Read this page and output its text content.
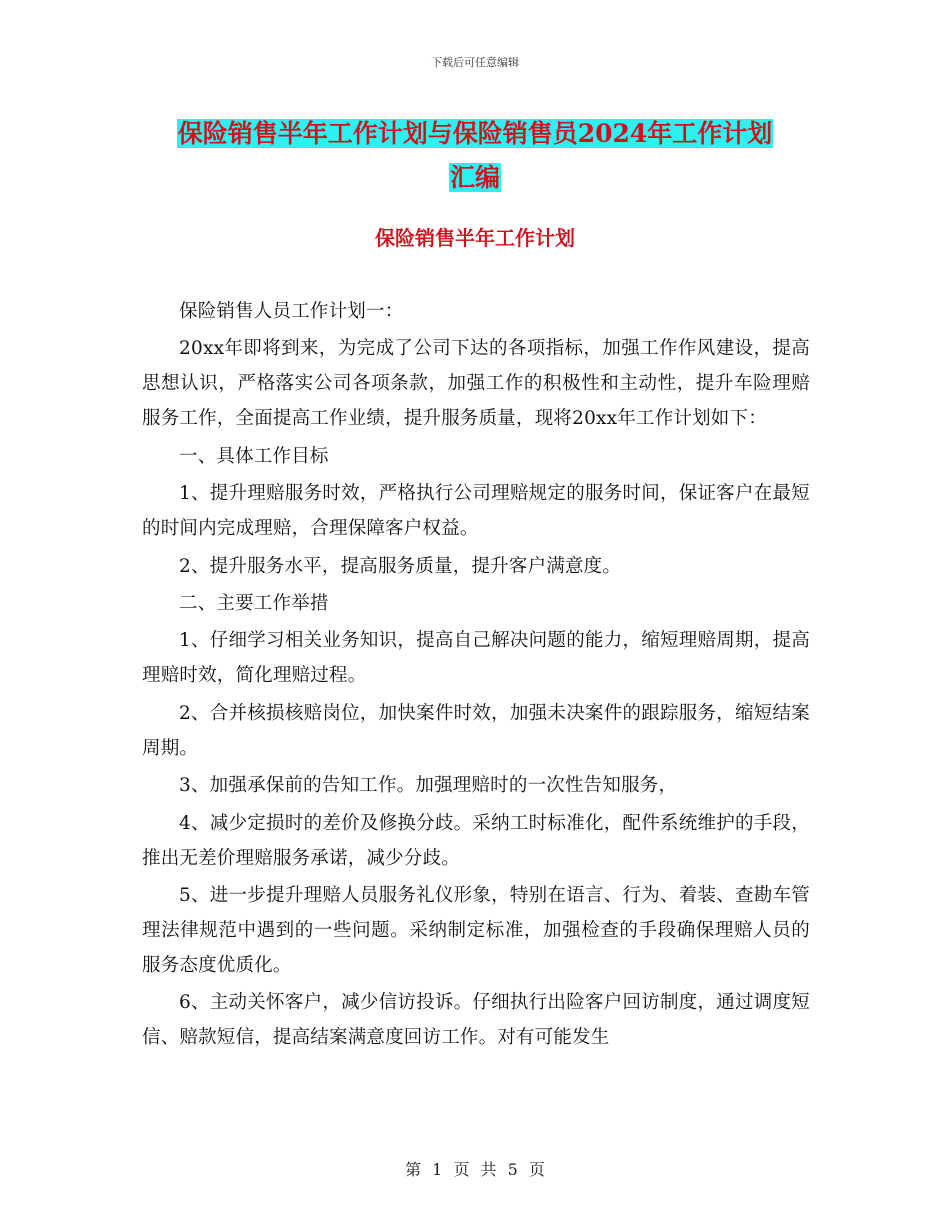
下载后可任意编辑
保险销售半年工作计划与保险销售员2024年工作计划
汇编
保险销售半年工作计划

保险销售人员工作计划一：

20xx年即将到来，为完成了公司下达的各项指标，加强工作作风建设，提高思想认识，严格落实公司各项条款，加强工作的积极性和主动性，提升车险理赔服务工作，全面提高工作业绩，提升服务质量，现将20xx年工作计划如下：

一、具体工作目标

1、提升理赔服务时效，严格执行公司理赔规定的服务时间，保证客户在最短的时间内完成理赔，合理保障客户权益。

2、提升服务水平，提高服务质量，提升客户满意度。

二、主要工作举措

1、仔细学习相关业务知识，提高自己解决问题的能力，缩短理赔周期，提高理赔时效，简化理赔过程。

2、合并核损核赔岗位，加快案件时效，加强未决案件的跟踪服务，缩短结案周期。

3、加强承保前的告知工作。加强理赔时的一次性告知服务，

4、减少定损时的差价及修换分歧。采纳工时标准化，配件系统维护的手段，推出无差价理赔服务承诺，减少分歧。

5、进一步提升理赔人员服务礼仪形象，特别在语言、行为、着装、查勘车管理法律规范中遇到的一些问题。采纳制定标准，加强检查的手段确保理赔人员的服务态度优质化。

6、主动关怀客户，减少信访投诉。仔细执行出险客户回访制度，通过调度短信、赔款短信，提高结案满意度回访工作。对有可能发生

第 1 页 共 5 页
